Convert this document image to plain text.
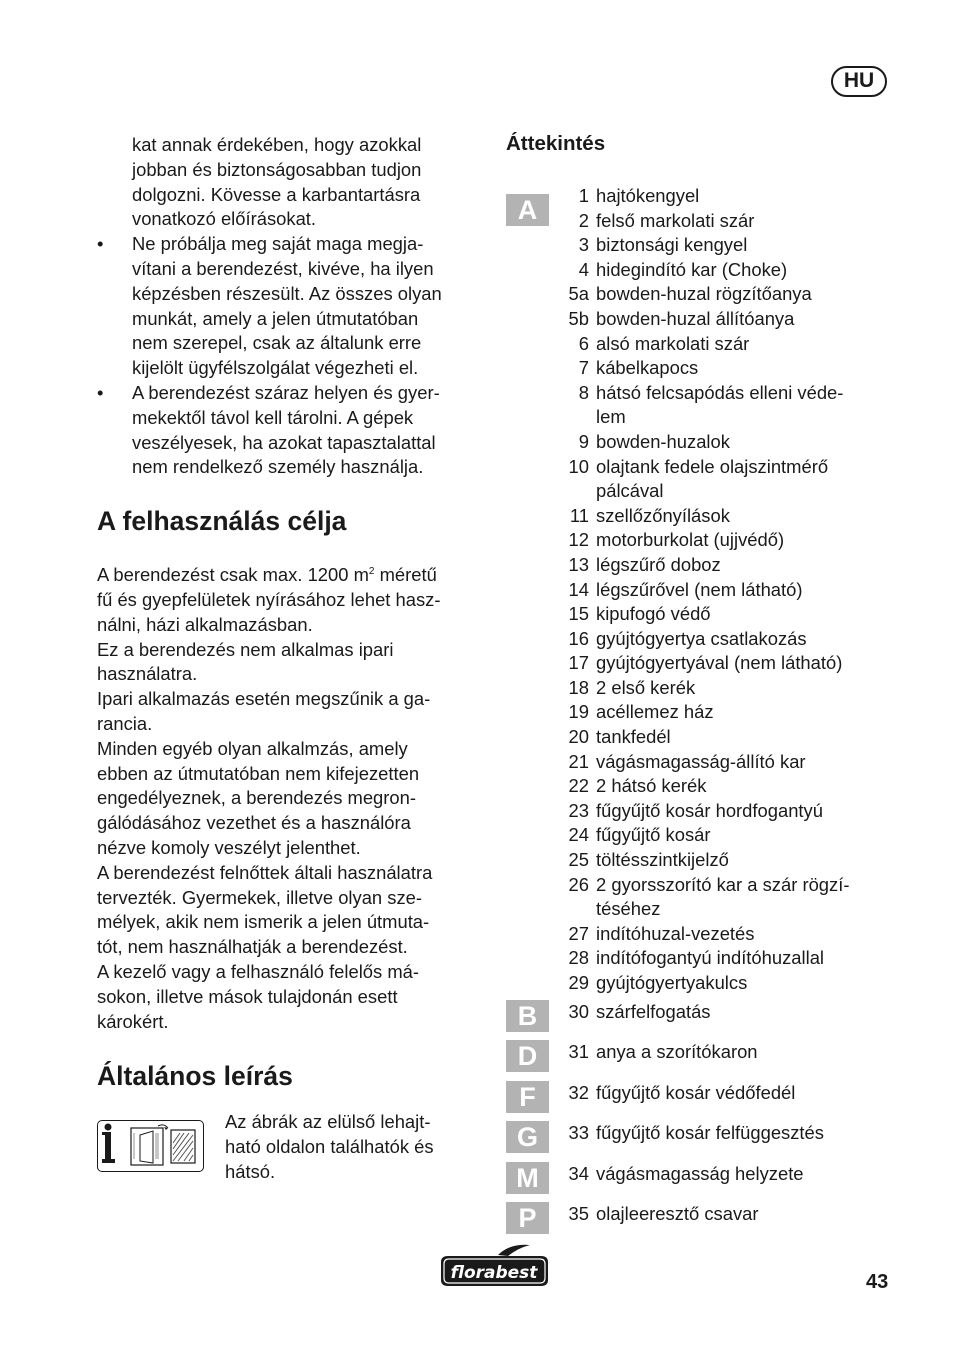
HU
kat annak érdekében, hogy azokkal
jobban és biztonságosabban tudjon
dolgozni. Kövesse a karbantartásra
vonatkozó előírásokat.
• Ne próbálja meg saját maga megja-
vítani a berendezést, kivéve, ha ilyen
képzésben részesült. Az összes olyan
munkát, amely a jelen útmutatóban
nem szerepel, csak az általunk erre
kijelölt ügyfélszolgálat végezheti el.
• A berendezést száraz helyen és gyer-
mekektől távol kell tárolni. A gépek
veszélyesek, ha azokat tapasztalattal
nem rendelkező személy használja.
A felhasználás célja
A berendezést csak max. 1200 $m^2$ méretű
fű és gyepfelületek nyírásához lehet hasz-
nálni, házi alkalmazásban.
Ez a berendezés nem alkalmas ipari
használatra.
Ipari alkalmazás esetén megszűnik a ga-
rancia.
Minden egyéb olyan alkalmzás, amely
ebben az útmutatóban nem kifejezetten
engedélyeznek, a berendezés megron-
gálódásához vezethet és a használóra
nézve komoly veszélyt jelenthet.
A berendezést felnőttek általi használatra
tervezték. Gyermekek, illetve olyan sze-
mélyek, akik nem ismerik a jelen útmuta-
tót, nem használhatják a berendezést.
A kezelő vagy a felhasználó felelős má-
sokon, illetve mások tulajdonán esett
károkért.
Általános leírás
Az ábrák az elülső lehajt-
ható oldalon találhatók és
hátsó.
Áttekintés
A	1 hajtókengyel
2 felső markolati szár
3 biztonsági kengyel
4 hidegindító kar (Choke)
5a bowden-huzal rögzítőanya
5b bowden-huzal állítóanya
6 alsó markolati szár
7 kábelkapocs
8 hátsó felcsapódás elleni véde-
lem
9 bowden-huzalok
10 olajtank fedele olajszintmérő
pálcával
11 szellőzőnyílások
12 motorburkolat (ujjvédő)
13 légszűrő doboz
14 légszűrővel (nem látható)
15 kipufogó védő
16 gyújtógyertya csatlakozás
17 gyújtógyertyával (nem látható)
18 2 első kerék
19 acéllemez ház
20 tankfedél
21 vágásmagasság-állító kar
22 2 hátsó kerék
23 fűgyűjtő kosár hordfogantyú
24 fűgyűjtő kosár
25 töltésszintkijelző
26 2 gyorsszorító kar a szár rögzí-
téséhez
27 indítóhuzal-vezetés
28 indítófogantyú indítóhuzallal
29 gyújtógyertyakulcs
B	30 szárfelfogatás
D	31 anya a szorítókaron
F	32 fűgyűjtő kosár védőfedél
G	33 fűgyűjtő kosár felfüggesztés
M	34 vágásmagasság helyzete
P	35 olajleeresztő csavar
florabest	43
